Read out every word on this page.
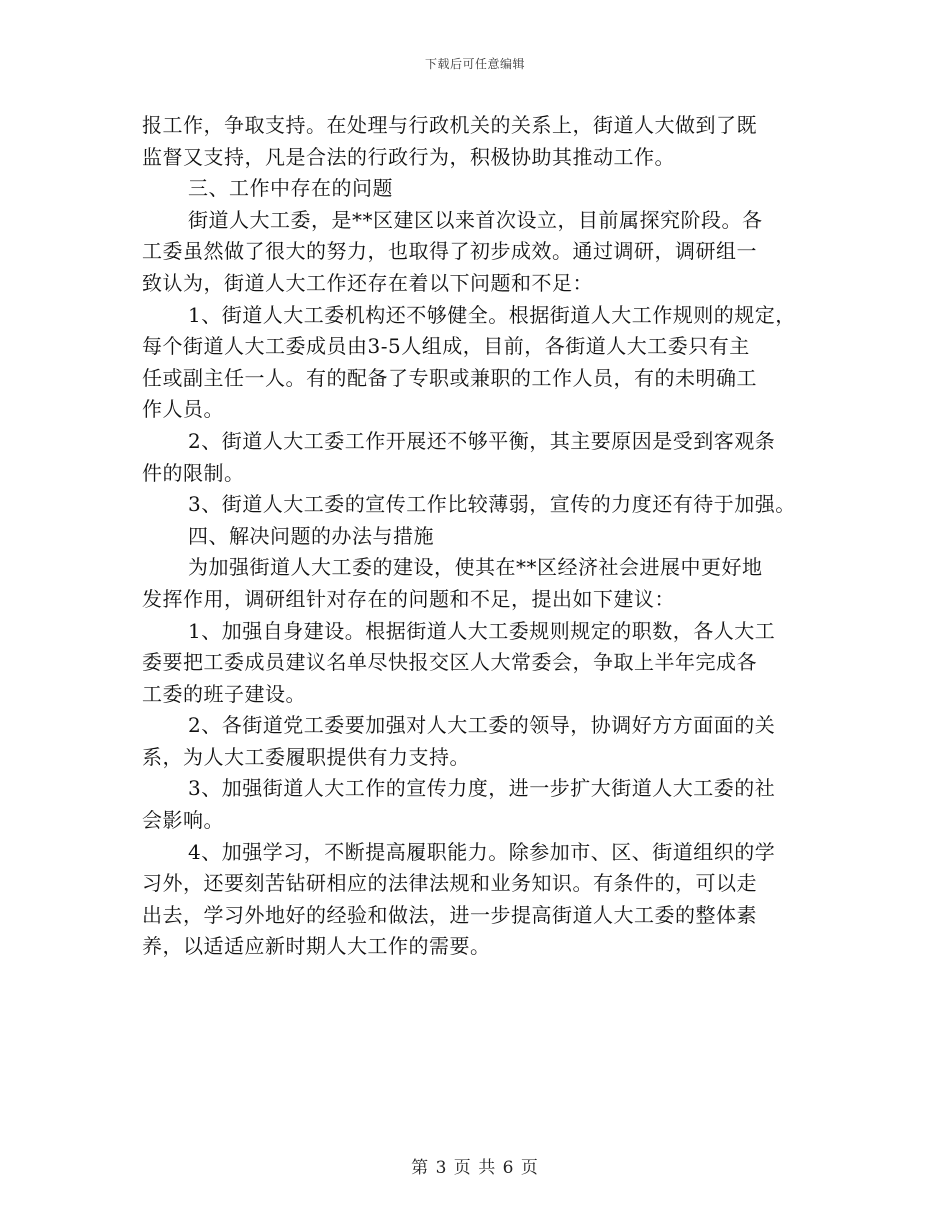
下载后可任意编辑
报工作，争取支持。在处理与行政机关的关系上，街道人大做到了既
监督又支持，凡是合法的行政行为，积极协助其推动工作。
三、工作中存在的问题
街道人大工委，是**区建区以来首次设立，目前属探究阶段。各
工委虽然做了很大的努力，也取得了初步成效。通过调研，调研组一
致认为，街道人大工作还存在着以下问题和不足：
1、街道人大工委机构还不够健全。根据街道人大工作规则的规定，
每个街道人大工委成员由3-5人组成，目前，各街道人大工委只有主
任或副主任一人。有的配备了专职或兼职的工作人员，有的未明确工
作人员。
2、街道人大工委工作开展还不够平衡，其主要原因是受到客观条
件的限制。
3、街道人大工委的宣传工作比较薄弱，宣传的力度还有待于加强。
四、解决问题的办法与措施
为加强街道人大工委的建设，使其在**区经济社会进展中更好地
发挥作用，调研组针对存在的问题和不足，提出如下建议：
1、加强自身建设。根据街道人大工委规则规定的职数，各人大工
委要把工委成员建议名单尽快报交区人大常委会，争取上半年完成各
工委的班子建设。
2、各街道党工委要加强对人大工委的领导，协调好方方面面的关
系，为人大工委履职提供有力支持。
3、加强街道人大工作的宣传力度，进一步扩大街道人大工委的社
会影响。
4、加强学习，不断提高履职能力。除参加市、区、街道组织的学
习外，还要刻苦钻研相应的法律法规和业务知识。有条件的，可以走
出去，学习外地好的经验和做法，进一步提高街道人大工委的整体素
养，以适适应新时期人大工作的需要。
第 3 页 共 6 页
